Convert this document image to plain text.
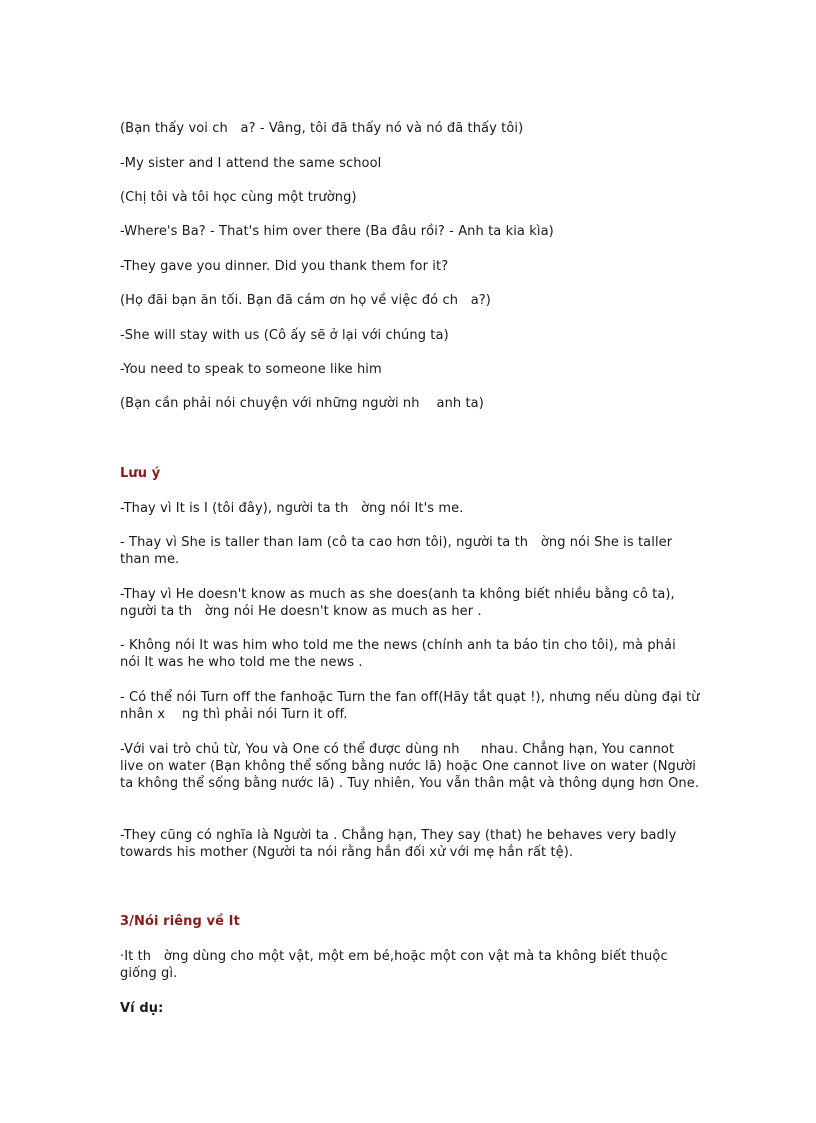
(Bạn thấy voi ch   a? - Vâng, tôi đã thấy nó và nó đã thấy tôi)
-My sister and I attend the same school
(Chị tôi và tôi học cùng một trường)
-Where's Ba? - That's him over there (Ba đâu rồi? - Anh ta kia kìa)
-They gave you dinner. Did you thank them for it?
(Họ đãi bạn ăn tối. Bạn đã cám ơn họ về việc đó ch   a?)
-She will stay with us (Cô ấy sẽ ở lại với chúng ta)
-You need to speak to someone like him
(Bạn cần phải nói chuyện với những người nh    anh ta)
Lưu ý
-Thay vì It is I (tôi đây), người ta th   ờng nói It's me.
- Thay vì She is taller than Iam (cô ta cao hơn tôi), người ta th   ờng nói She is taller than me.
-Thay vì He doesn't know as much as she does(anh ta không biết nhiều bằng cô ta), người ta th   ờng nói He doesn't know as much as her .
- Không nói It was him who told me the news (chính anh ta báo tin cho tôi), mà phải nói It was he who told me the news .
- Có thể nói Turn off the fanhoặc Turn the fan off(Hãy tắt quạt !), nhưng nếu dùng đại từ nhân x    ng thì phải nói Turn it off.
-Với vai trò chủ từ, You và One có thể được dùng nh     nhau. Chẳng hạn, You cannot live on water (Bạn không thể sống bằng nước lã) hoặc One cannot live on water (Người ta không thể sống bằng nước lã) . Tuy nhiên, You vẫn thân mật và thông dụng hơn One.
-They cũng có nghĩa là Người ta . Chẳng hạn, They say (that) he behaves very badly towards his mother (Người ta nói rằng hắn đối xử với mẹ hắn rất tệ).
3/Nói riêng về It
·It th   ờng dùng cho một vật, một em bé,hoặc một con vật mà ta không biết thuộc giống gì.
Ví dụ:
